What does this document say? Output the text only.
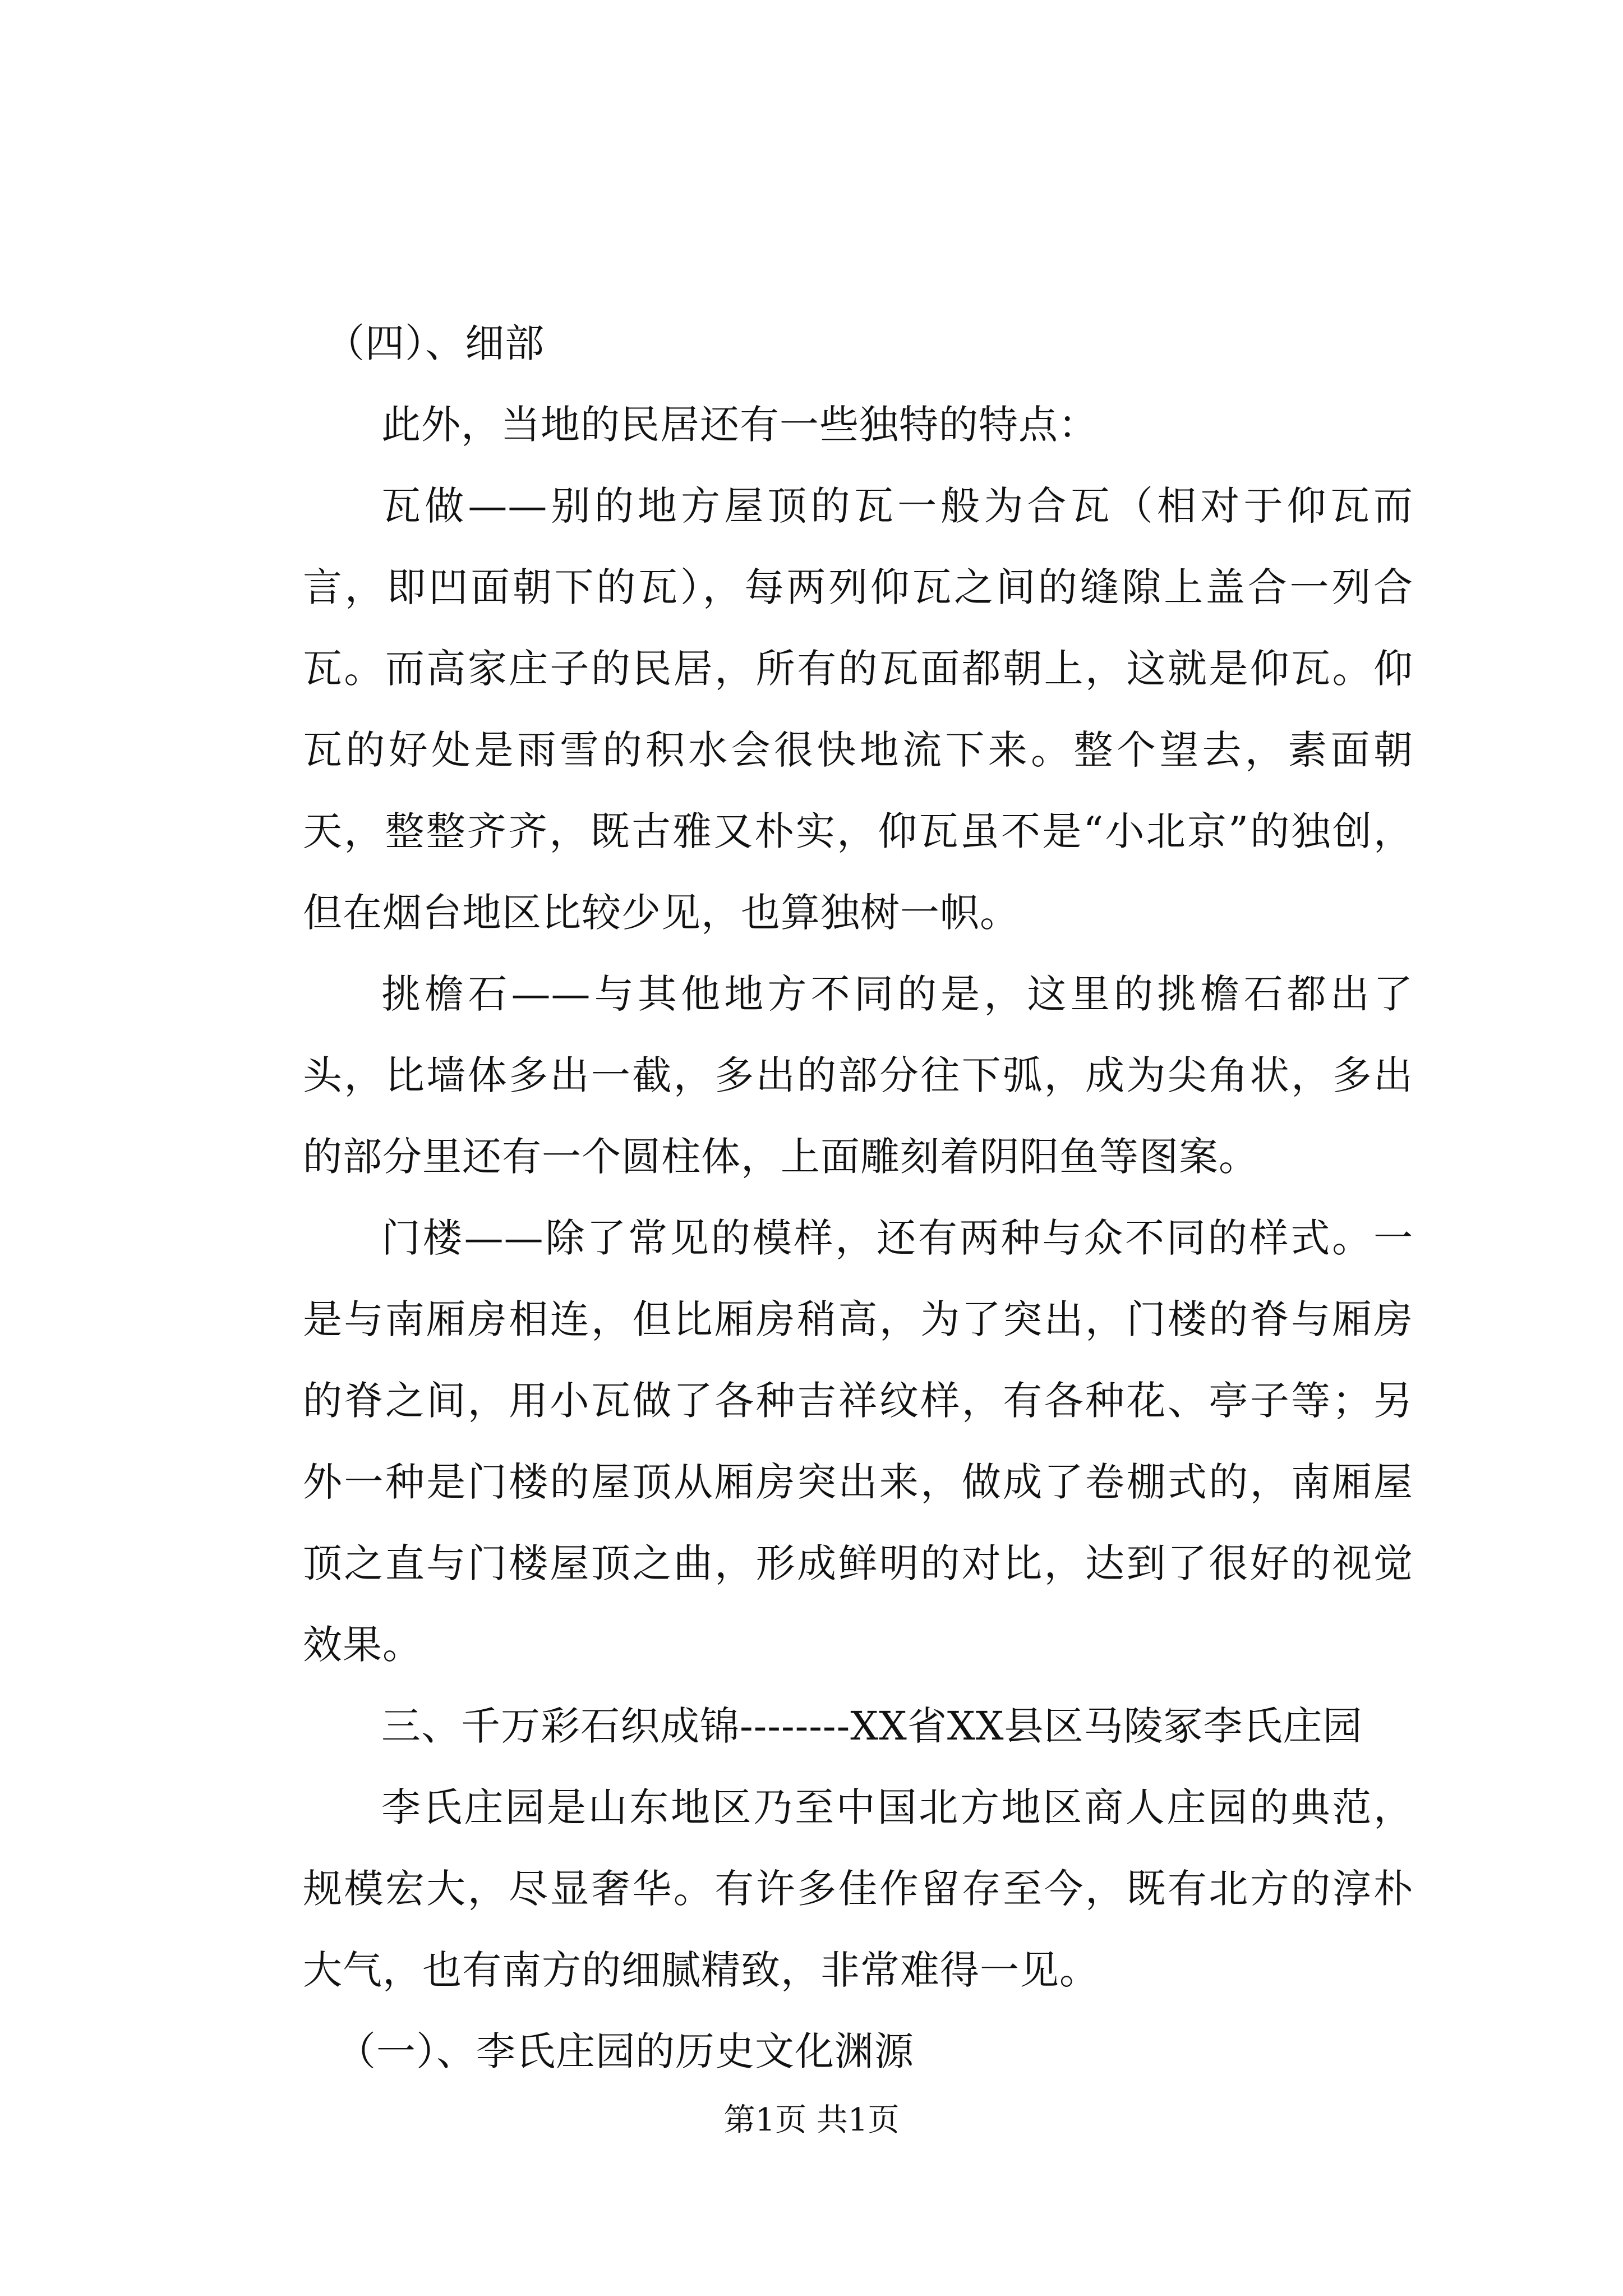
（四）、细部

此外，当地的民居还有一些独特的特点：

瓦做——别的地方屋顶的瓦一般为合瓦（相对于仰瓦而言，即凹面朝下的瓦），每两列仰瓦之间的缝隙上盖合一列合瓦。而高家庄子的民居，所有的瓦面都朝上，这就是仰瓦。仰瓦的好处是雨雪的积水会很快地流下来。整个望去，素面朝天，整整齐齐，既古雅又朴实，仰瓦虽不是“小北京”的独创，但在烟台地区比较少见，也算独树一帜。

挑檐石——与其他地方不同的是，这里的挑檐石都出了头，比墙体多出一截，多出的部分往下弧，成为尖角状，多出的部分里还有一个圆柱体，上面雕刻着阴阳鱼等图案。

门楼——除了常见的模样，还有两种与众不同的样式。一是与南厢房相连，但比厢房稍高，为了突出，门楼的脊与厢房的脊之间，用小瓦做了各种吉祥纹样，有各种花、亭子等；另外一种是门楼的屋顶从厢房突出来，做成了卷棚式的，南厢屋顶之直与门楼屋顶之曲，形成鲜明的对比，达到了很好的视觉效果。

三、千万彩石织成锦--------XX省XX县区马陵冢李氏庄园

李氏庄园是山东地区乃至中国北方地区商人庄园的典范，规模宏大，尽显奢华。有许多佳作留存至今，既有北方的淳朴大气，也有南方的细腻精致，非常难得一见。

（一）、李氏庄园的历史文化渊源

第1页 共1页
